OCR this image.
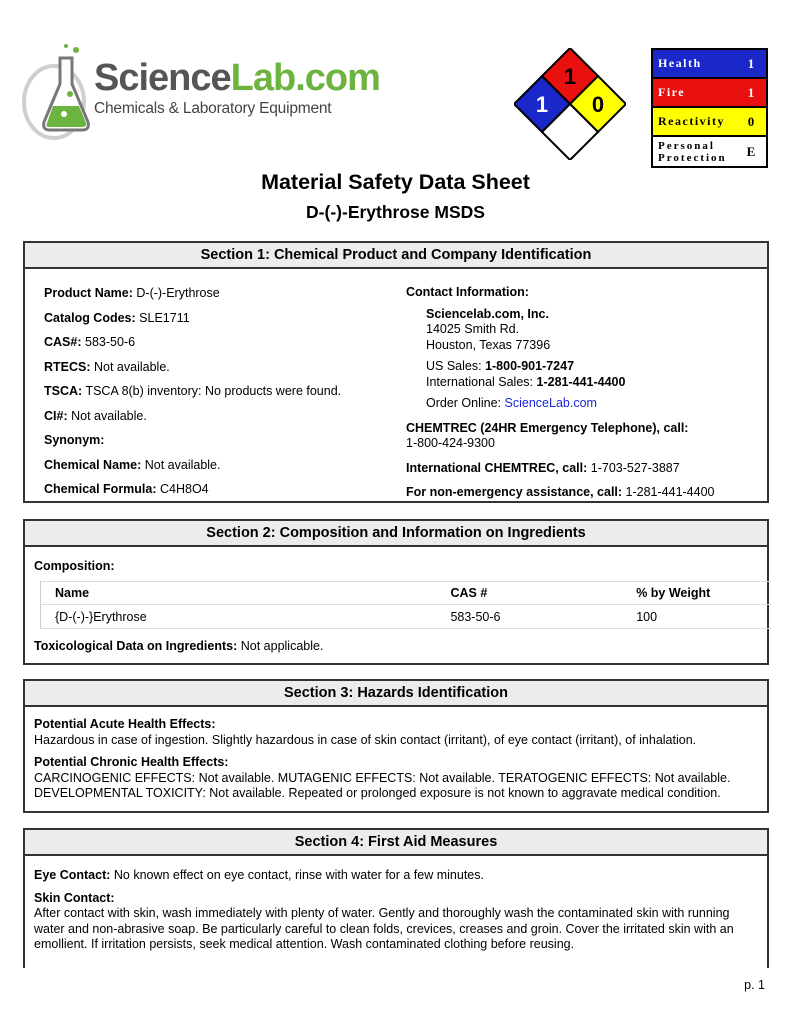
ScienceLab.com
Chemicals & Laboratory Equipment
1
1 0
Health	1
Fire	1
Reactivity	0
Personal Protection	E
Material Safety Data Sheet
D-(-)-Erythrose MSDS
Section 1: Chemical Product and Company Identification
Product Name: D-(-)-Erythrose
Catalog Codes: SLE1711
CAS#: 583-50-6
RTECS: Not available.
TSCA: TSCA 8(b) inventory: No products were found.
CI#: Not available.
Synonym:
Chemical Name: Not available.
Chemical Formula: C4H8O4
Contact Information:
Sciencelab.com, Inc.
14025 Smith Rd.
Houston, Texas 77396
US Sales: 1-800-901-7247
International Sales: 1-281-441-4400
Order Online: ScienceLab.com
CHEMTREC (24HR Emergency Telephone), call:
1-800-424-9300
International CHEMTREC, call: 1-703-527-3887
For non-emergency assistance, call: 1-281-441-4400
Section 2: Composition and Information on Ingredients
Composition:
Name	CAS #	% by Weight
{D-(-)-}Erythrose	583-50-6	100
Toxicological Data on Ingredients: Not applicable.
Section 3: Hazards Identification
Potential Acute Health Effects:
Hazardous in case of ingestion. Slightly hazardous in case of skin contact (irritant), of eye contact (irritant), of inhalation.
Potential Chronic Health Effects:
CARCINOGENIC EFFECTS: Not available. MUTAGENIC EFFECTS: Not available. TERATOGENIC EFFECTS: Not available.
DEVELOPMENTAL TOXICITY: Not available. Repeated or prolonged exposure is not known to aggravate medical condition.
Section 4: First Aid Measures
Eye Contact: No known effect on eye contact, rinse with water for a few minutes.
Skin Contact:
After contact with skin, wash immediately with plenty of water. Gently and thoroughly wash the contaminated skin with running water and non-abrasive soap. Be particularly careful to clean folds, crevices, creases and groin. Cover the irritated skin with an emollient. If irritation persists, seek medical attention. Wash contaminated clothing before reusing.
p. 1
